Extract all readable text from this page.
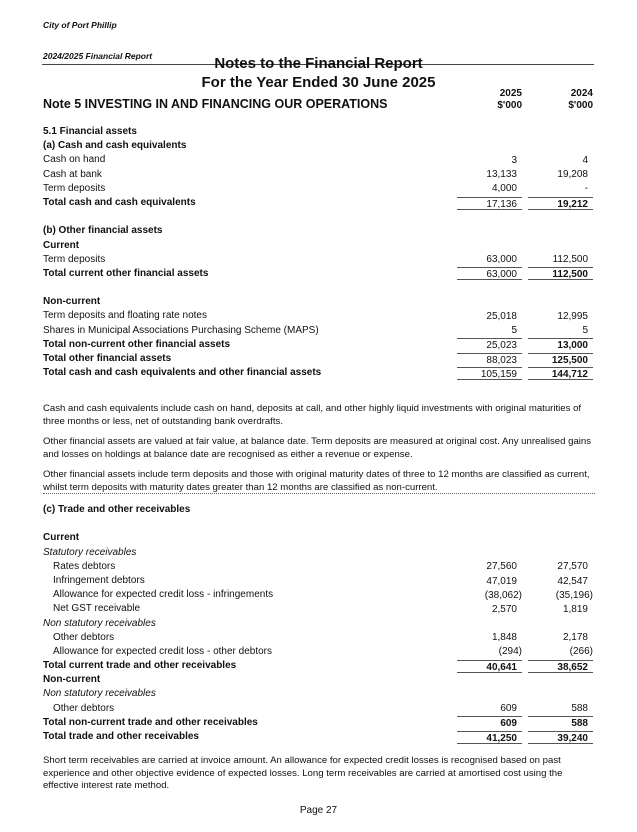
City of Port Phillip
2024/2025 Financial Report	Notes to the Financial Report
For the Year Ended 30 June 2025
2025	2024
$'000	$'000
Note 5 INVESTING IN AND FINANCING OUR OPERATIONS
5.1 Financial assets
(a) Cash and cash equivalents
Cash on hand	3	4
Cash at bank	13,133	19,208
Term deposits	4,000	-
Total cash and cash equivalents	17,136	19,212
(b) Other financial assets
Current
Term deposits	63,000	112,500
Total current other financial assets	63,000	112,500
Non-current
Term deposits and floating rate notes	25,018	12,995
Shares in Municipal Associations Purchasing Scheme (MAPS)	5	5
Total non-current other financial assets	25,023	13,000
Total other financial assets	88,023	125,500
Total cash and cash equivalents and other financial assets	105,159	144,712
Cash and cash equivalents include cash on hand, deposits at call, and other highly liquid investments with original maturities of three months or less, net of outstanding bank overdrafts.
Other financial assets are valued at fair value, at balance date. Term deposits are measured at original cost. Any unrealised gains and losses on holdings at balance date are recognised as either a revenue or expense.
Other financial assets include term deposits and those with original maturity dates of three to 12 months are classified as current, whilst term deposits with maturity dates greater than 12 months are classified as non-current.
(c) Trade and other receivables
Current
Statutory receivables
Rates debtors	27,560	27,570
Infringement debtors	47,019	42,547
Allowance for expected credit loss - infringements	(38,062)	(35,196)
Net GST receivable	2,570	1,819
Non statutory receivables
Other debtors	1,848	2,178
Allowance for expected credit loss - other debtors	(294)	(266)
Total current trade and other receivables	40,641	38,652
Non-current
Non statutory receivables
Other debtors	609	588
Total non-current trade and other receivables	609	588
Total trade and other receivables	41,250	39,240
Short term receivables are carried at invoice amount. An allowance for expected credit losses is recognised based on past experience and other objective evidence of expected losses. Long term receivables are carried at amortised cost using the effective interest rate method.
Page 27
